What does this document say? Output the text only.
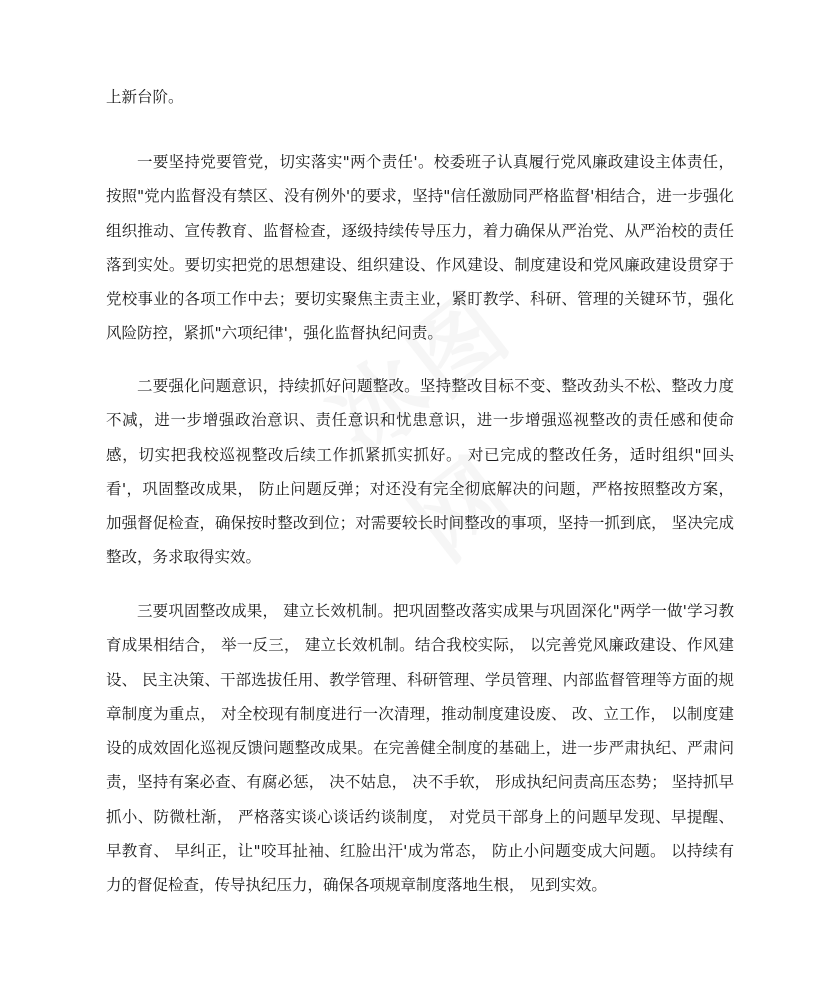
上新台阶。

一要坚持党要管党，切实落实"两个责任'。校委班子认真履行党风廉政建设主体责任，按照"党内监督没有禁区、没有例外'的要求，坚持"信任激励同严格监督'相结合，进一步强化组织推动、宣传教育、监督检查，逐级持续传导压力，着力确保从严治党、从严治校的责任落到实处。要切实把党的思想建设、组织建设、作风建设、制度建设和党风廉政建设贯穿于党校事业的各项工作中去；要切实聚焦主责主业，紧盯教学、科研、管理的关键环节，强化风险防控，紧抓"六项纪律'，强化监督执纪问责。

二要强化问题意识，持续抓好问题整改。坚持整改目标不变、整改劲头不松、整改力度不减，进一步增强政治意识、责任意识和忧患意识，进一步增强巡视整改的责任感和使命感，切实把我校巡视整改后续工作抓紧抓实抓好。 对已完成的整改任务，适时组织"回头看'，巩固整改成果， 防止问题反弹；对还没有完全彻底解决的问题，严格按照整改方案，加强督促检查，确保按时整改到位；对需要较长时间整改的事项，坚持一抓到底， 坚决完成整改，务求取得实效。

三要巩固整改成果， 建立长效机制。把巩固整改落实成果与巩固深化"两学一做'学习教育成果相结合， 举一反三， 建立长效机制。结合我校实际， 以完善党风廉政建设、作风建设、 民主决策、干部选拔任用、教学管理、科研管理、学员管理、内部监督管理等方面的规章制度为重点， 对全校现有制度进行一次清理，推动制度建设废、 改、立工作， 以制度建设的成效固化巡视反馈问题整改成果。在完善健全制度的基础上，进一步严肃执纪、严肃问责，坚持有案必查、有腐必惩， 决不姑息， 决不手软， 形成执纪问责高压态势； 坚持抓早抓小、防微杜渐， 严格落实谈心谈话约谈制度， 对党员干部身上的问题早发现、早提醒、早教育、 早纠正，让"咬耳扯袖、红脸出汗'成为常态， 防止小问题变成大问题。 以持续有力的督促检查，传导执纪压力，确保各项规章制度落地生根， 见到实效。
